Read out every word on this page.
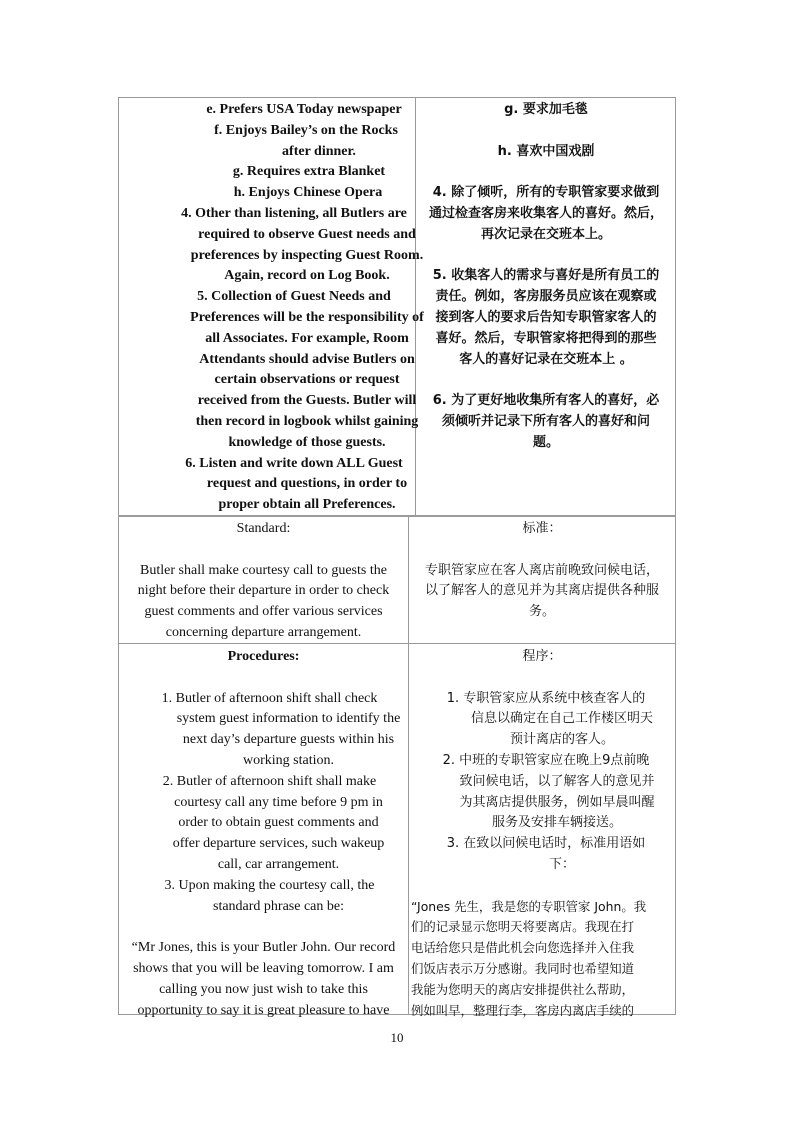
e. Prefers USA Today newspaper
f. Enjoys Bailey’s on the Rocks
after dinner.
g. Requires extra Blanket
h. Enjoys Chinese Opera
4. Other than listening, all Butlers are
required to observe Guest needs and
preferences by inspecting Guest Room.
Again, record on Log Book.
5. Collection of Guest Needs and
Preferences will be the responsibility of
all Associates. For example, Room
Attendants should advise Butlers on
certain observations or request
received from the Guests. Butler will
then record in logbook whilst gaining
knowledge of those guests.
6. Listen and write down ALL Guest
request and questions, in order to
proper obtain all Preferences.
g. 要求加毛毯
h. 喜欢中国戏剧
4. 除了倾听，所有的专职管家要求做到
通过检查客房来收集客人的喜好。然后，
再次记录在交班本上。
5. 收集客人的需求与喜好是所有员工的
责任。例如，客房服务员应该在观察或
接到客人的要求后告知专职管家客人的
喜好。然后，专职管家将把得到的那些
客人的喜好记录在交班本上 。
6. 为了更好地收集所有客人的喜好，必
须倾听并记录下所有客人的喜好和问
题。
Standard:
Butler shall make courtesy call to guests the
night before their departure in order to check
guest comments and offer various services
concerning departure arrangement.
标准：
专职管家应在客人离店前晚致问候电话，
以了解客人的意见并为其离店提供各种服
务。
Procedures:
1. Butler of afternoon shift shall check
system guest information to identify the
next day’s departure guests within his
working station.
2. Butler of afternoon shift shall make
courtesy call any time before 9 pm in
order to obtain guest comments and
offer departure services, such wakeup
call, car arrangement.
3. Upon making the courtesy call, the
standard phrase can be:
“Mr Jones, this is your Butler John. Our record
shows that you will be leaving tomorrow. I am
calling you now just wish to take this
opportunity to say it is great pleasure to have
程序：
1. 专职管家应从系统中核查客人的
信息以确定在自己工作楼区明天
预计离店的客人。
2. 中班的专职管家应在晚上9点前晚
致问候电话，以了解客人的意见并
为其离店提供服务，例如早晨叫醒
服务及安排车辆接送。
3. 在致以问候电话时，标准用语如
下：
“Jones 先生，我是您的专职管家 John。我
们的记录显示您明天将要离店。我现在打
电话给您只是借此机会向您选择并入住我
们饭店表示万分感谢。我同时也希望知道
我能为您明天的离店安排提供社么帮助，
例如叫早，整理行李，客房内离店手续的
10
